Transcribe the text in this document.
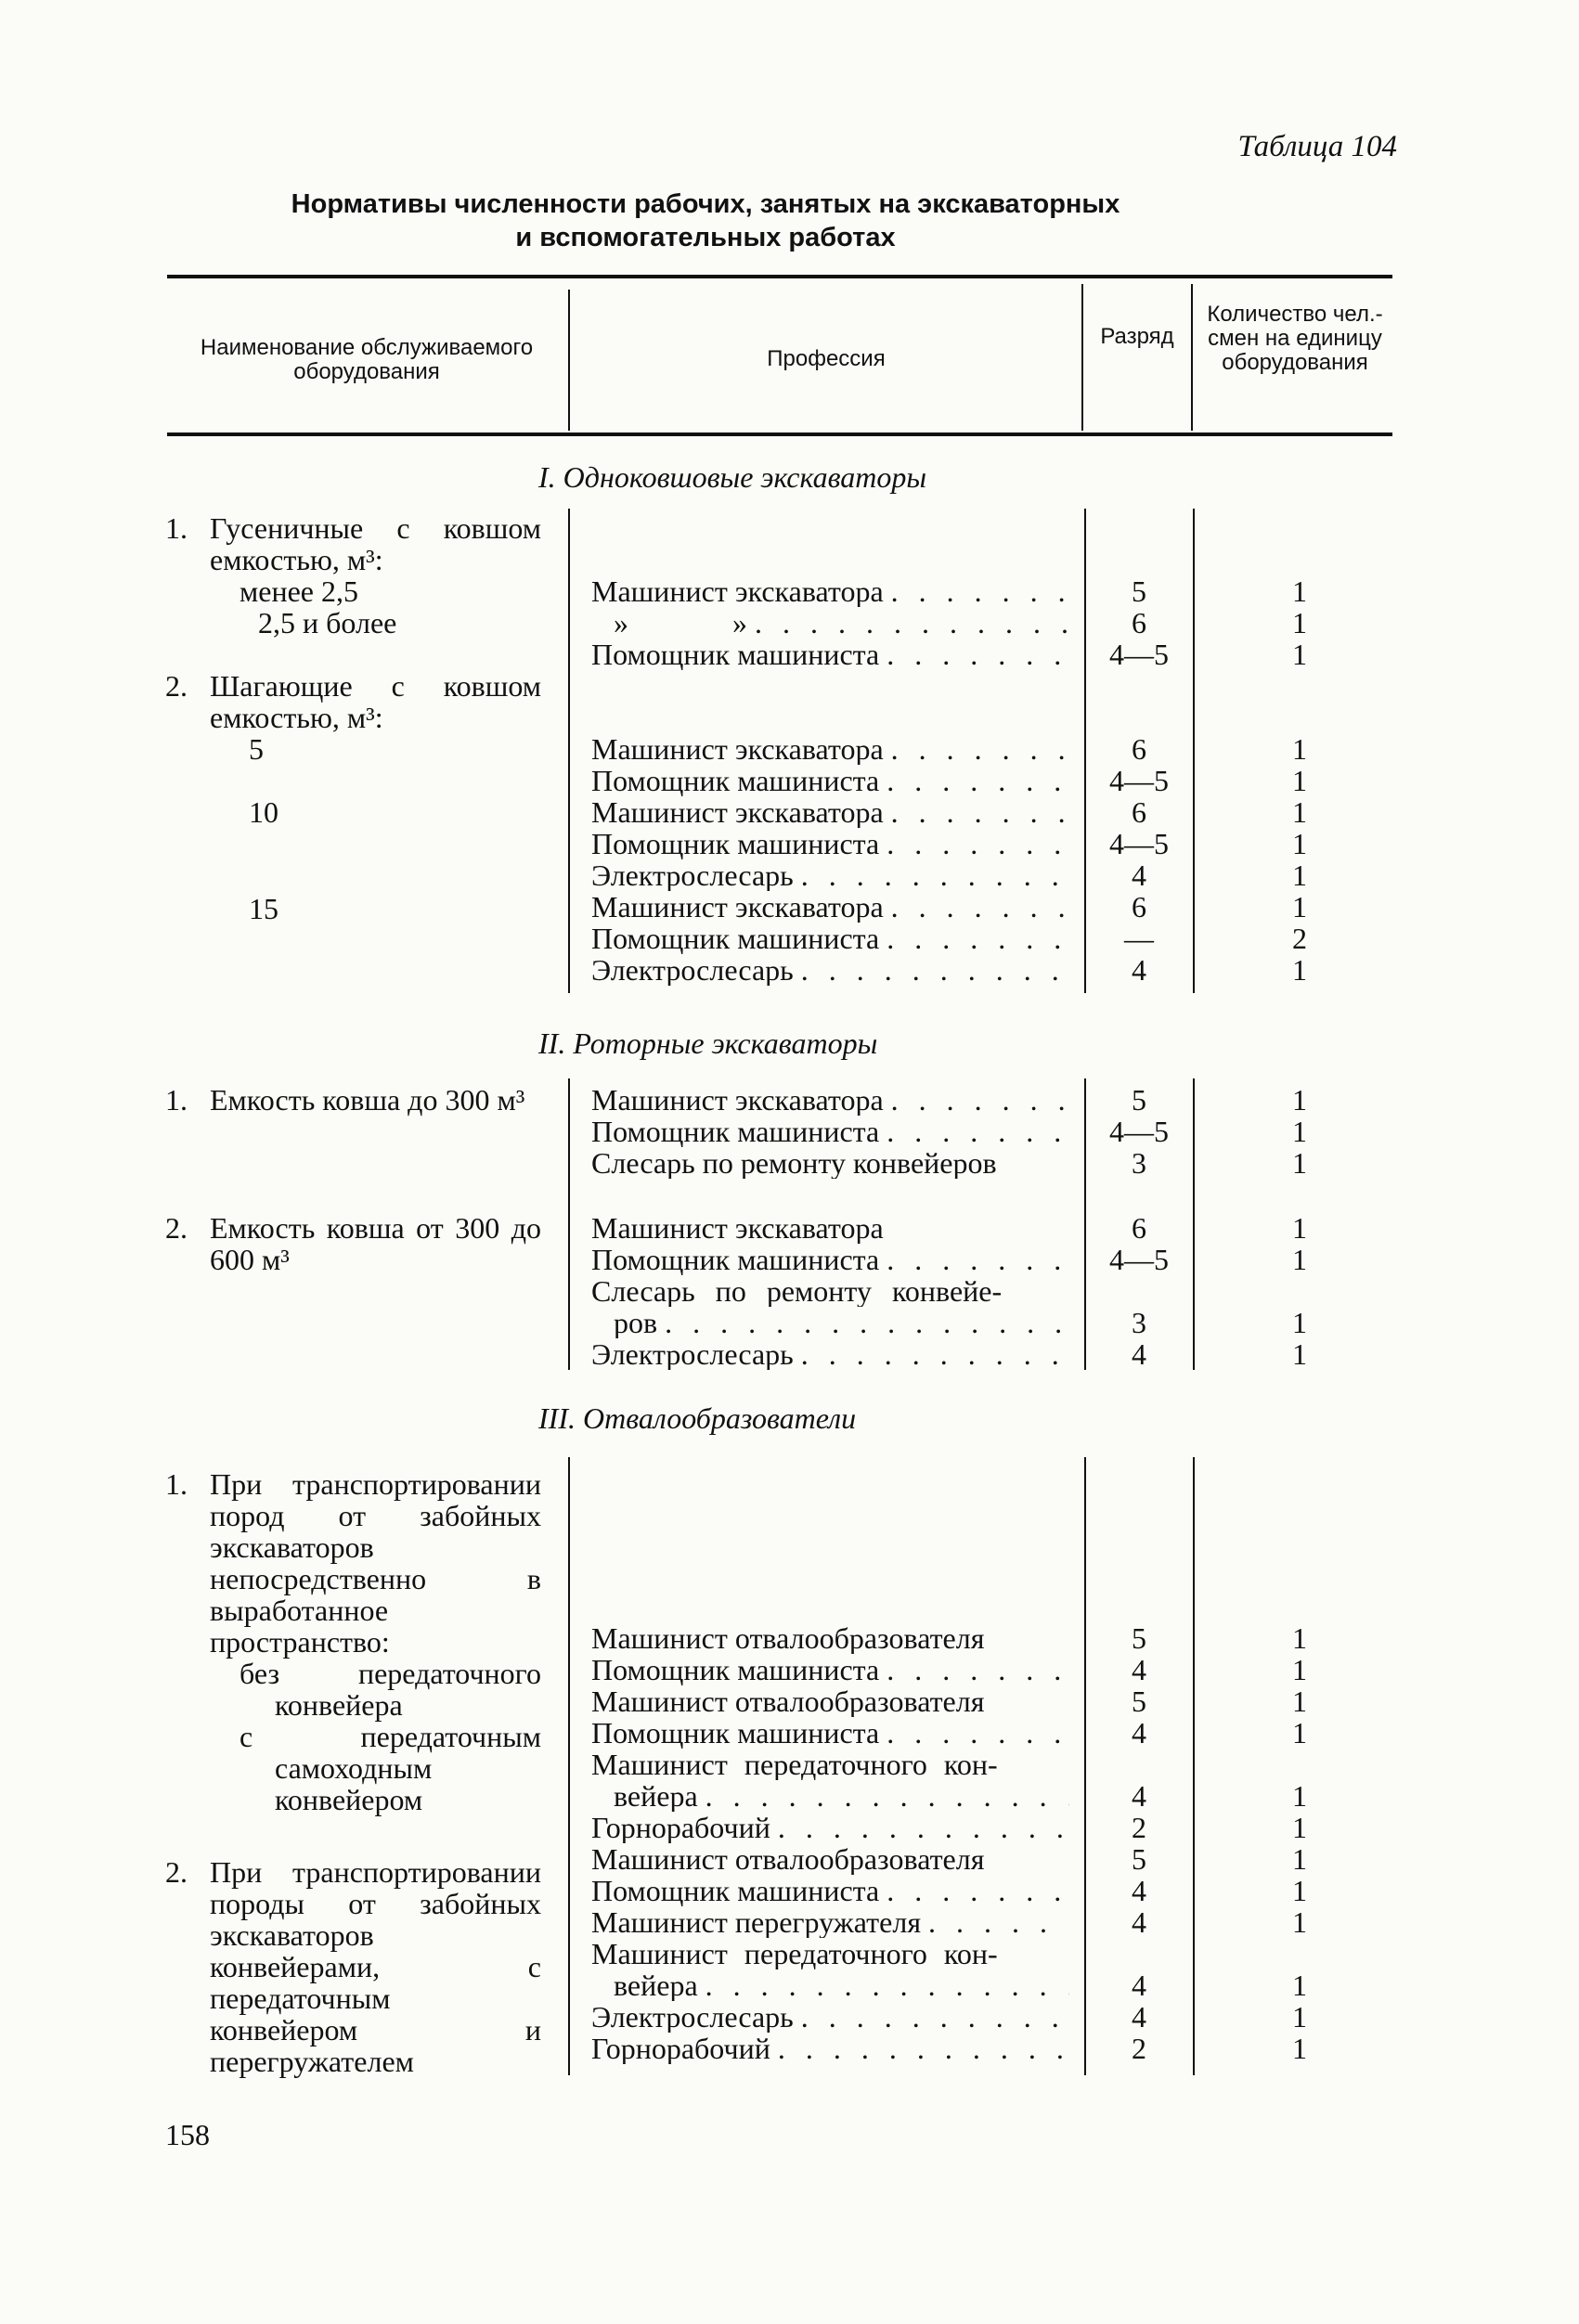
Таблица 104
Нормативы численности рабочих, занятых на экскаваторных
и вспомогательных работах
Наименование обслуживаемого оборудования
Профессия
Разряд
Количество чел.-смен на единицу оборудования
I. Одноковшовые экскаваторы
1. Гусеничные с ковшом емкостью, м³:
менее 2,5
2,5 и более
2. Шагающие с ковшом емкостью, м³:
5
10
15
Машинист экскаватора
. . .
»              »
. . .
Помощник машиниста
. . .
5
6
4—5
1
1
1
Машинист экскаватора
. . .
Помощник машиниста
. . .
Машинист экскаватора
. . .
Помощник машиниста
. . .
Электрослесарь
. . .
Машинист экскаватора
. . .
Помощник машиниста
. . .
Электрослесарь
. . .
6
4—5
6
4—5
4
6
—
4
1
1
1
1
1
1
2
1
II. Роторные экскаваторы
1. Емкость ковша до 300 м³
2. Емкость ковша от 300 до 600 м³
Машинист экскаватора
. . .
Помощник машиниста
. . .
Слесарь по ремонту конвейеров
5
4—5
3
1
1
1
Машинист экскаватора
Помощник машиниста
. . .
Слесарь по ремонту конвейе-
ров
. . .
Электрослесарь
. . .
6
4—5
3
4
1
1
1
1
III. Отвалообразователи
1. При транспортировании пород от забойных экскаваторов непосредственно в выработанное пространство:
без передаточного конвейера
с передаточным самоходным конвейером
2. При транспортировании породы от забойных экскаваторов конвейерами, с передаточным конвейером и перегружателем
Машинист отвалообразователя
Помощник машиниста
. . .
Машинист отвалообразователя
Помощник машиниста
. . .
Машинист передаточного кон-
вейера
. . .
Горнорабочий
. . .
Машинист отвалообразователя
Помощник машиниста
. . .
Машинист перегружателя
. . .
Машинист передаточного кон-
вейера
. . .
Электрослесарь
. . .
Горнорабочий
. . .
5
4
5
4
4
2
5
4
4
4
4
2
1
1
1
1
1
1
1
1
1
1
1
1
158
